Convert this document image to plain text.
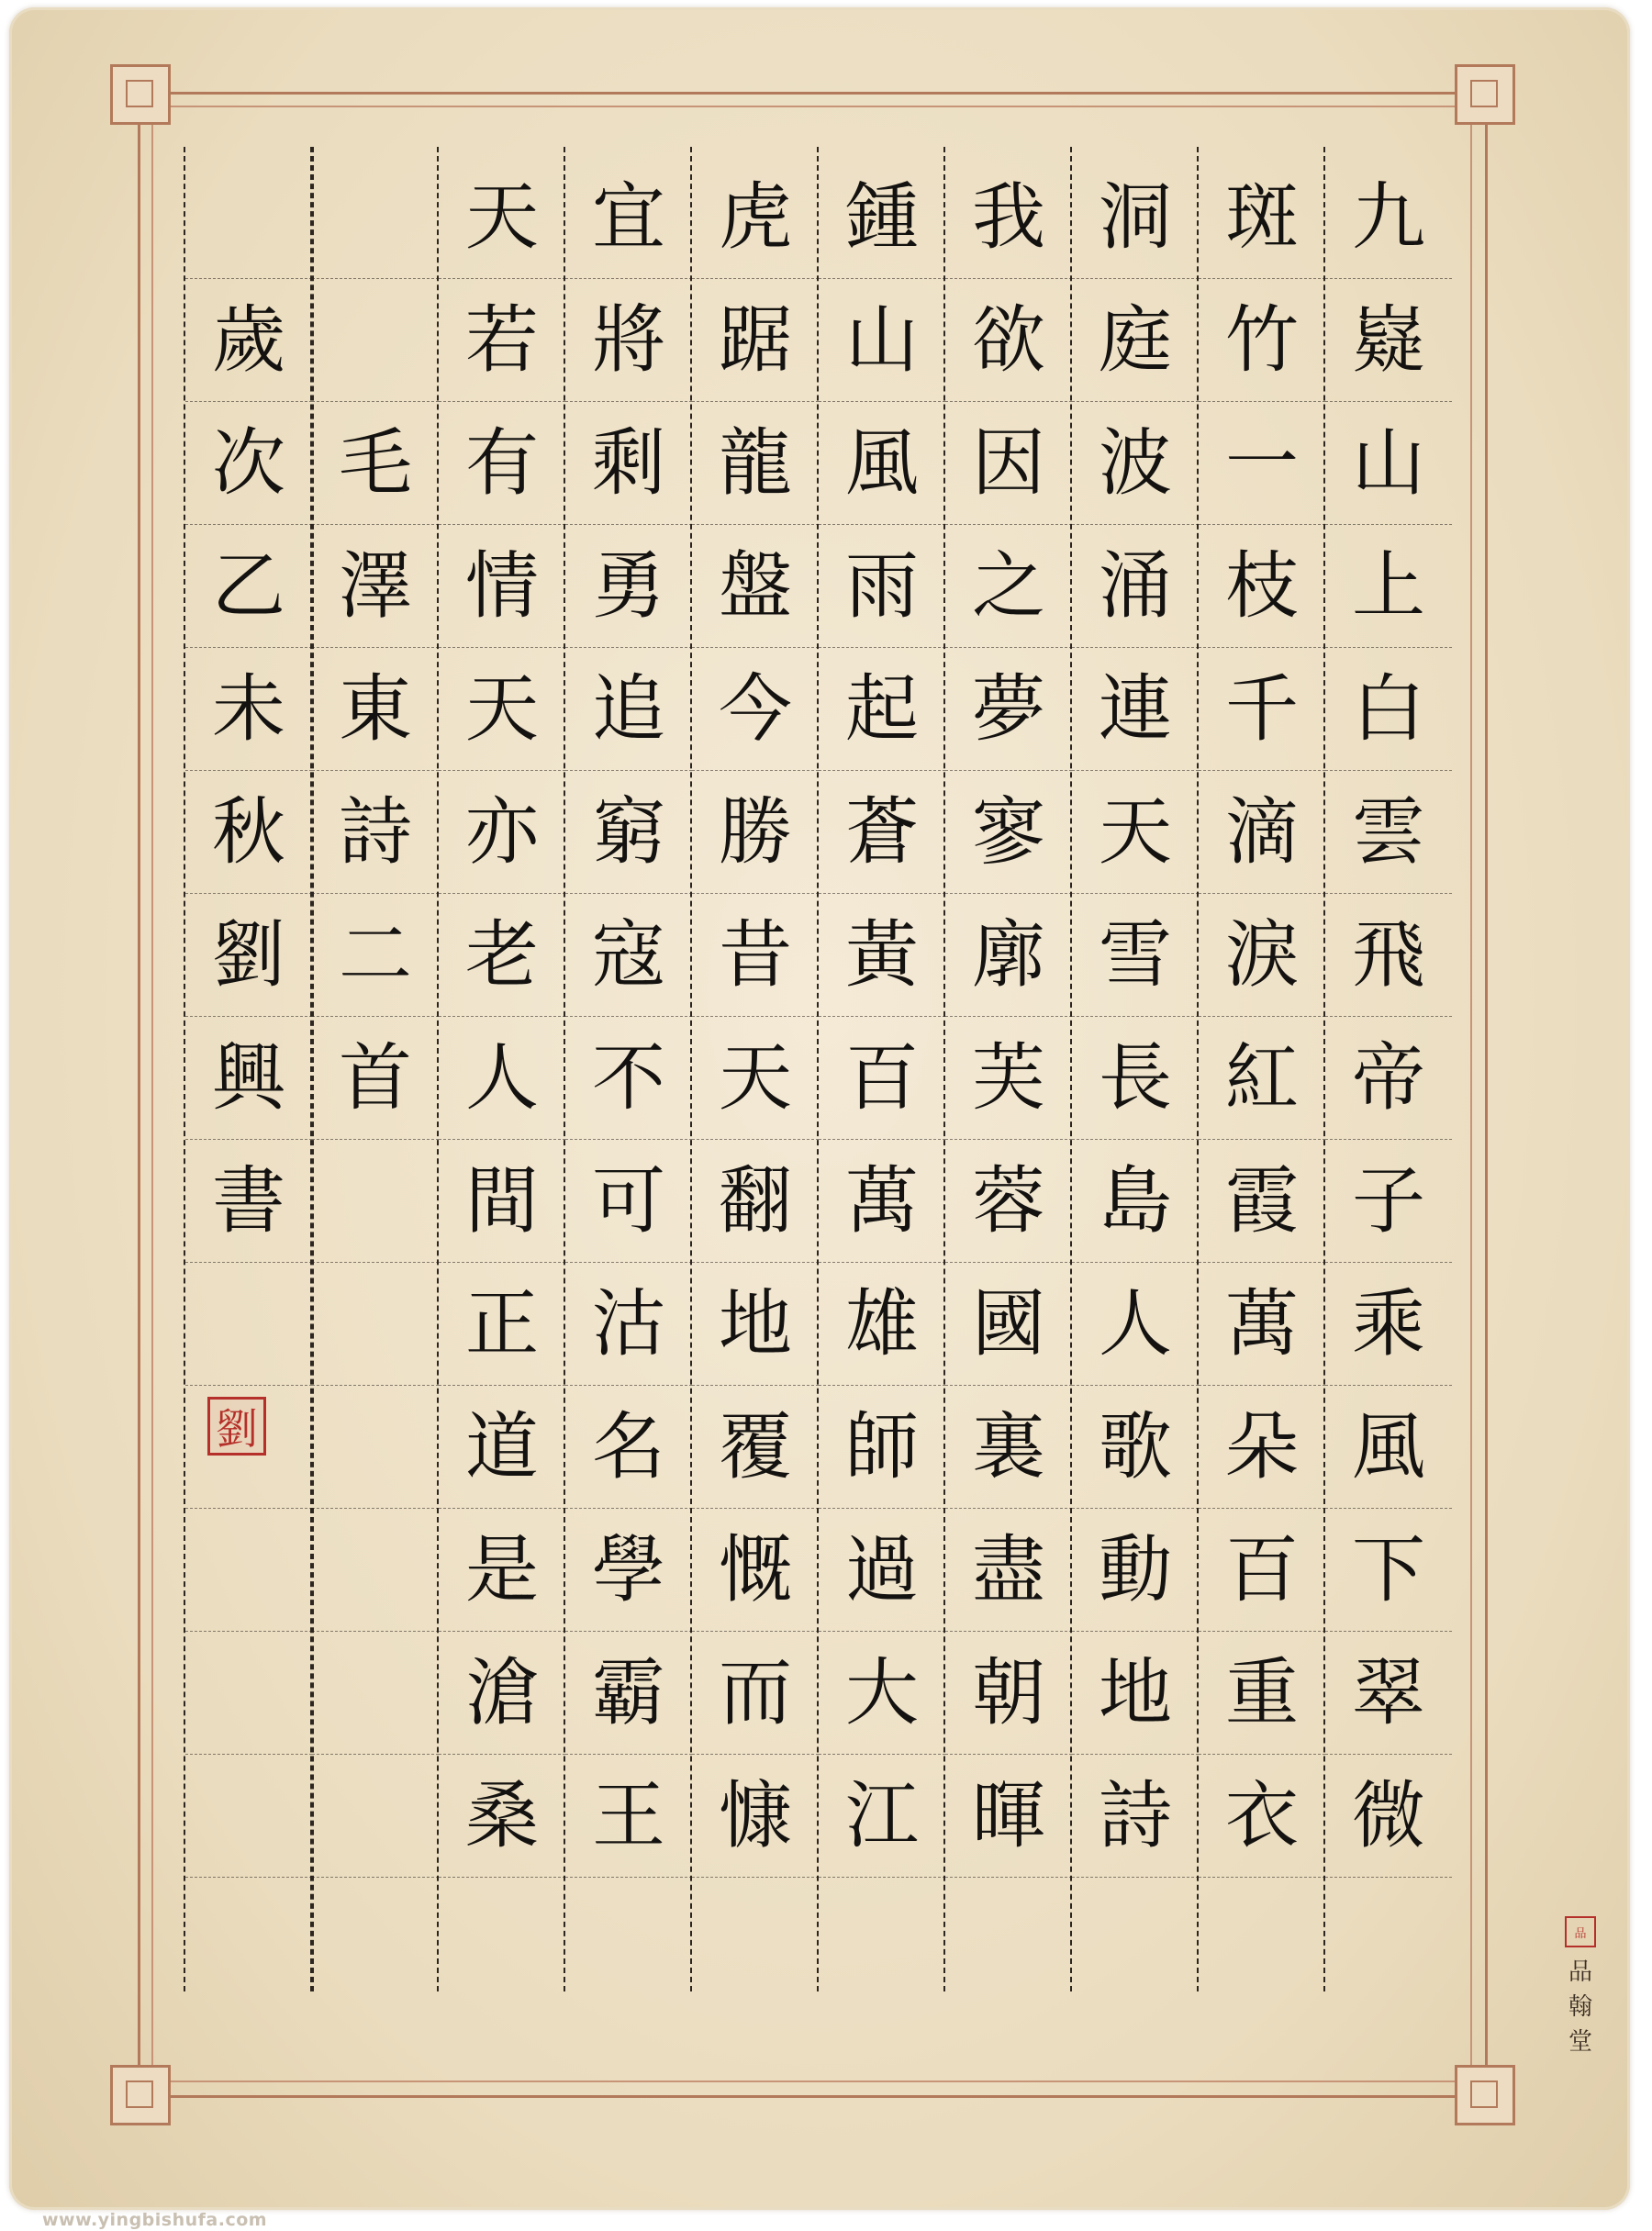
九
嶷
山
上
白
雲
飛
帝
子
乘
風
下
翠
微
斑
竹
一
枝
千
滴
淚
紅
霞
萬
朵
百
重
衣
洞
庭
波
涌
連
天
雪
長
島
人
歌
動
地
詩
我
欲
因
之
夢
寥
廓
芙
蓉
國
裏
盡
朝
暉
鍾
山
風
雨
起
蒼
黃
百
萬
雄
師
過
大
江
虎
踞
龍
盤
今
勝
昔
天
翻
地
覆
慨
而
慷
宜
將
剩
勇
追
窮
寇
不
可
沽
名
學
霸
王
天
若
有
情
天
亦
老
人
間
正
道
是
滄
桑
毛
澤
東
詩
二
首
歲
次
乙
未
秋
劉
興
書
劉
品
品
翰
堂
www.yingbishufa.com
